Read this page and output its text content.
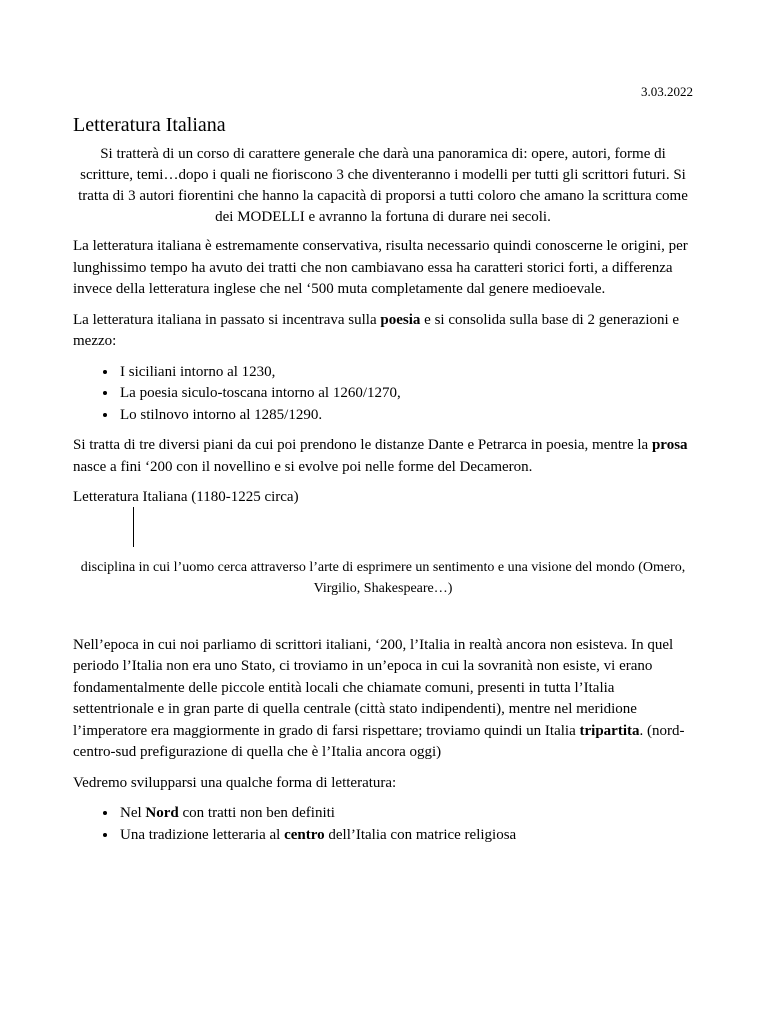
3.03.2022
Letteratura Italiana

Si tratterà di un corso di carattere generale che darà una panoramica di: opere, autori, forme di scritture, temi…dopo i quali ne fioriscono 3 che diventeranno i modelli per tutti gli scrittori futuri. Si tratta di 3 autori fiorentini che hanno la capacità di proporsi a tutti coloro che amano la scrittura come dei MODELLI e avranno la fortuna di durare nei secoli.

La letteratura italiana è estremamente conservativa, risulta necessario quindi conoscerne le origini, per lunghissimo tempo ha avuto dei tratti che non cambiavano essa ha caratteri storici forti, a differenza invece della letteratura inglese che nel ‘500 muta completamente dal genere medioevale.

La letteratura italiana in passato si incentrava sulla poesia e si consolida sulla base di 2 generazioni e mezzo:

• I siciliani intorno al 1230,
• La poesia siculo-toscana intorno al 1260/1270,
• Lo stilnovo intorno al 1285/1290.

Si tratta di tre diversi piani da cui poi prendono le distanze Dante e Petrarca in poesia, mentre la prosa nasce a fini ‘200 con il novellino e si evolve poi nelle forme del Decameron.

Letteratura Italiana (1180-1225 circa)

disciplina in cui l’uomo cerca attraverso l’arte di esprimere un sentimento e una visione del mondo (Omero, Virgilio, Shakespeare…)

Nell’epoca in cui noi parliamo di scrittori italiani, ‘200, l’Italia in realtà ancora non esisteva. In quel periodo l’Italia non era uno Stato, ci troviamo in un’epoca in cui la sovranità non esiste, vi erano fondamentalmente delle piccole entità locali che chiamate comuni, presenti in tutta l’Italia settentrionale e in gran parte di quella centrale (città stato indipendenti), mentre nel meridione l’imperatore era maggiormente in grado di farsi rispettare; troviamo quindi un Italia tripartita. (nord-centro-sud prefigurazione di quella che è l’Italia ancora oggi)

Vedremo svilupparsi una qualche forma di letteratura:

• Nel Nord con tratti non ben definiti
• Una tradizione letteraria al centro dell’Italia con matrice religiosa
